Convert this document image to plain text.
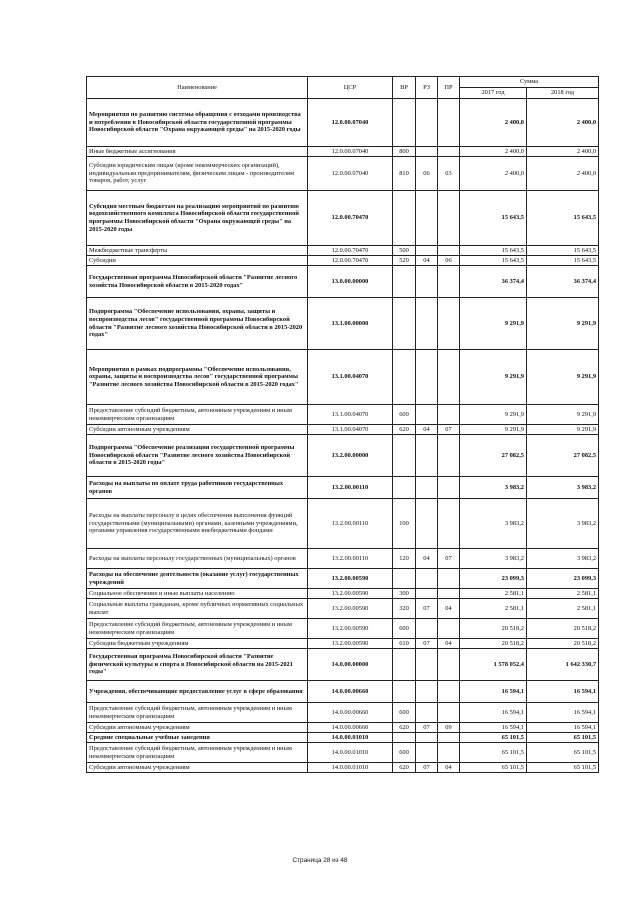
Наименование	ЦСР	ВР	РЗ	ПР	Сумма	
					2017 год	2018 год
Мероприятия по развитию системы обращения с отходами производства и потребления в Новосибирской области государственной программы Новосибирской области "Охрана окружающей среды" на 2015-2020 годы	12.0.00.07040				2 400,0	2 400,0
Иные бюджетные ассигнования	12.0.00.07040	800			2 400,0	2 400,0
Субсидии юридическим лицам (кроме некоммерческих организаций), индивидуальным предпринимателям, физическим лицам - производителям товаров, работ, услуг	12.0.00.07040	810	06	03	2 400,0	2 400,0
Субсидия местным бюджетам на реализацию мероприятий по развитию водохозяйственного комплекса Новосибирской области государственной программы Новосибирской области "Охрана окружающей среды" на 2015-2020 годы	12.0.00.70470				15 643,5	15 643,5
Межбюджетные трансферты	12.0.00.70470	500			15 643,5	15 643,5
Субсидии	12.0.00.70470	520	04	06	15 643,5	15 643,5
Государственная программа Новосибирской области "Развитие лесного хозяйства Новосибирской области в 2015-2020 годах"	13.0.00.00000				36 374,4	36 374,4
Подпрограмма "Обеспечение использования, охраны, защиты и воспроизводства лесов" государственной программы Новосибирской области "Развитие лесного хозяйства Новосибирской области в 2015-2020 годах"	13.1.00.00000				9 291,9	9 291,9
Мероприятия в рамках подпрограммы "Обеспечение использования, охраны, защиты и воспроизводства лесов" государственной программы "Развитие лесного хозяйства Новосибирской области в 2015-2020 годах"	13.1.00.04070				9 291,9	9 291,9
Предоставление субсидий бюджетным, автономным учреждениям и иным некоммерческим организациям	13.1.00.04070	600			9 291,9	9 291,9
Субсидии автономным учреждениям	13.1.00.04070	620	04	07	9 291,9	9 291,9
Подпрограмма "Обеспечение реализации государственной программы Новосибирской области "Развитие лесного хозяйства Новосибирской области в 2015-2020 годы"	13.2.00.00000				27 082,5	27 082,5
Расходы на выплаты по оплате труда работников государственных органов	13.2.00.00110				3 983,2	3 983,2
Расходы на выплаты персоналу в целях обеспечения выполнения функций государственными (муниципальными) органами, казенными учреждениями, органами управления государственными внебюджетными фондами	13.2.00.00110	100			3 983,2	3 983,2
Расходы на выплаты персоналу государственных (муниципальных) органов	13.2.00.00110	120	04	07	3 983,2	3 983,2
Расходы на обеспечение деятельности (оказание услуг) государственных учреждений	13.2.00.00590				23 099,3	23 099,3
Социальное обеспечение и иные выплаты населению	13.2.00.00590	300			2 581,1	2 581,1
Социальные выплаты гражданам, кроме публичных нормативных социальных выплат	13.2.00.00590	320	07	04	2 581,1	2 581,1
Предоставление субсидий бюджетным, автономным учреждениям и иным некоммерческим организациям	13.2.00.00590	600			20 518,2	20 518,2
Субсидии бюджетным учреждениям	13.2.00.00590	610	07	04	20 518,2	20 518,2
Государственная программа Новосибирской области "Развитие физической культуры и спорта в Новосибирской области на 2015-2021 годы"	14.0.00.00000				1 578 052,4	1 642 330,7
Учреждения, обеспечивающие предоставление услуг в сфере образования	14.0.00.00660				16 594,1	16 594,1
Предоставление субсидий бюджетным, автономным учреждениям и иным некоммерческим организациям	14.0.00.00660	600			16 594,1	16 594,1
Субсидии автономным учреждениям	14.0.00.00660	620	07	09	16 594,1	16 594,1
Средние специальные учебные заведения	14.0.00.01010				65 101,5	65 101,5
Предоставление субсидий бюджетным, автономным учреждениям и иным некоммерческим организациям	14.0.00.01010	600			65 101,5	65 101,5
Субсидии автономным учреждениям	14.0.00.01010	620	07	04	65 101,5	65 101,5
Страница 28 из 48
